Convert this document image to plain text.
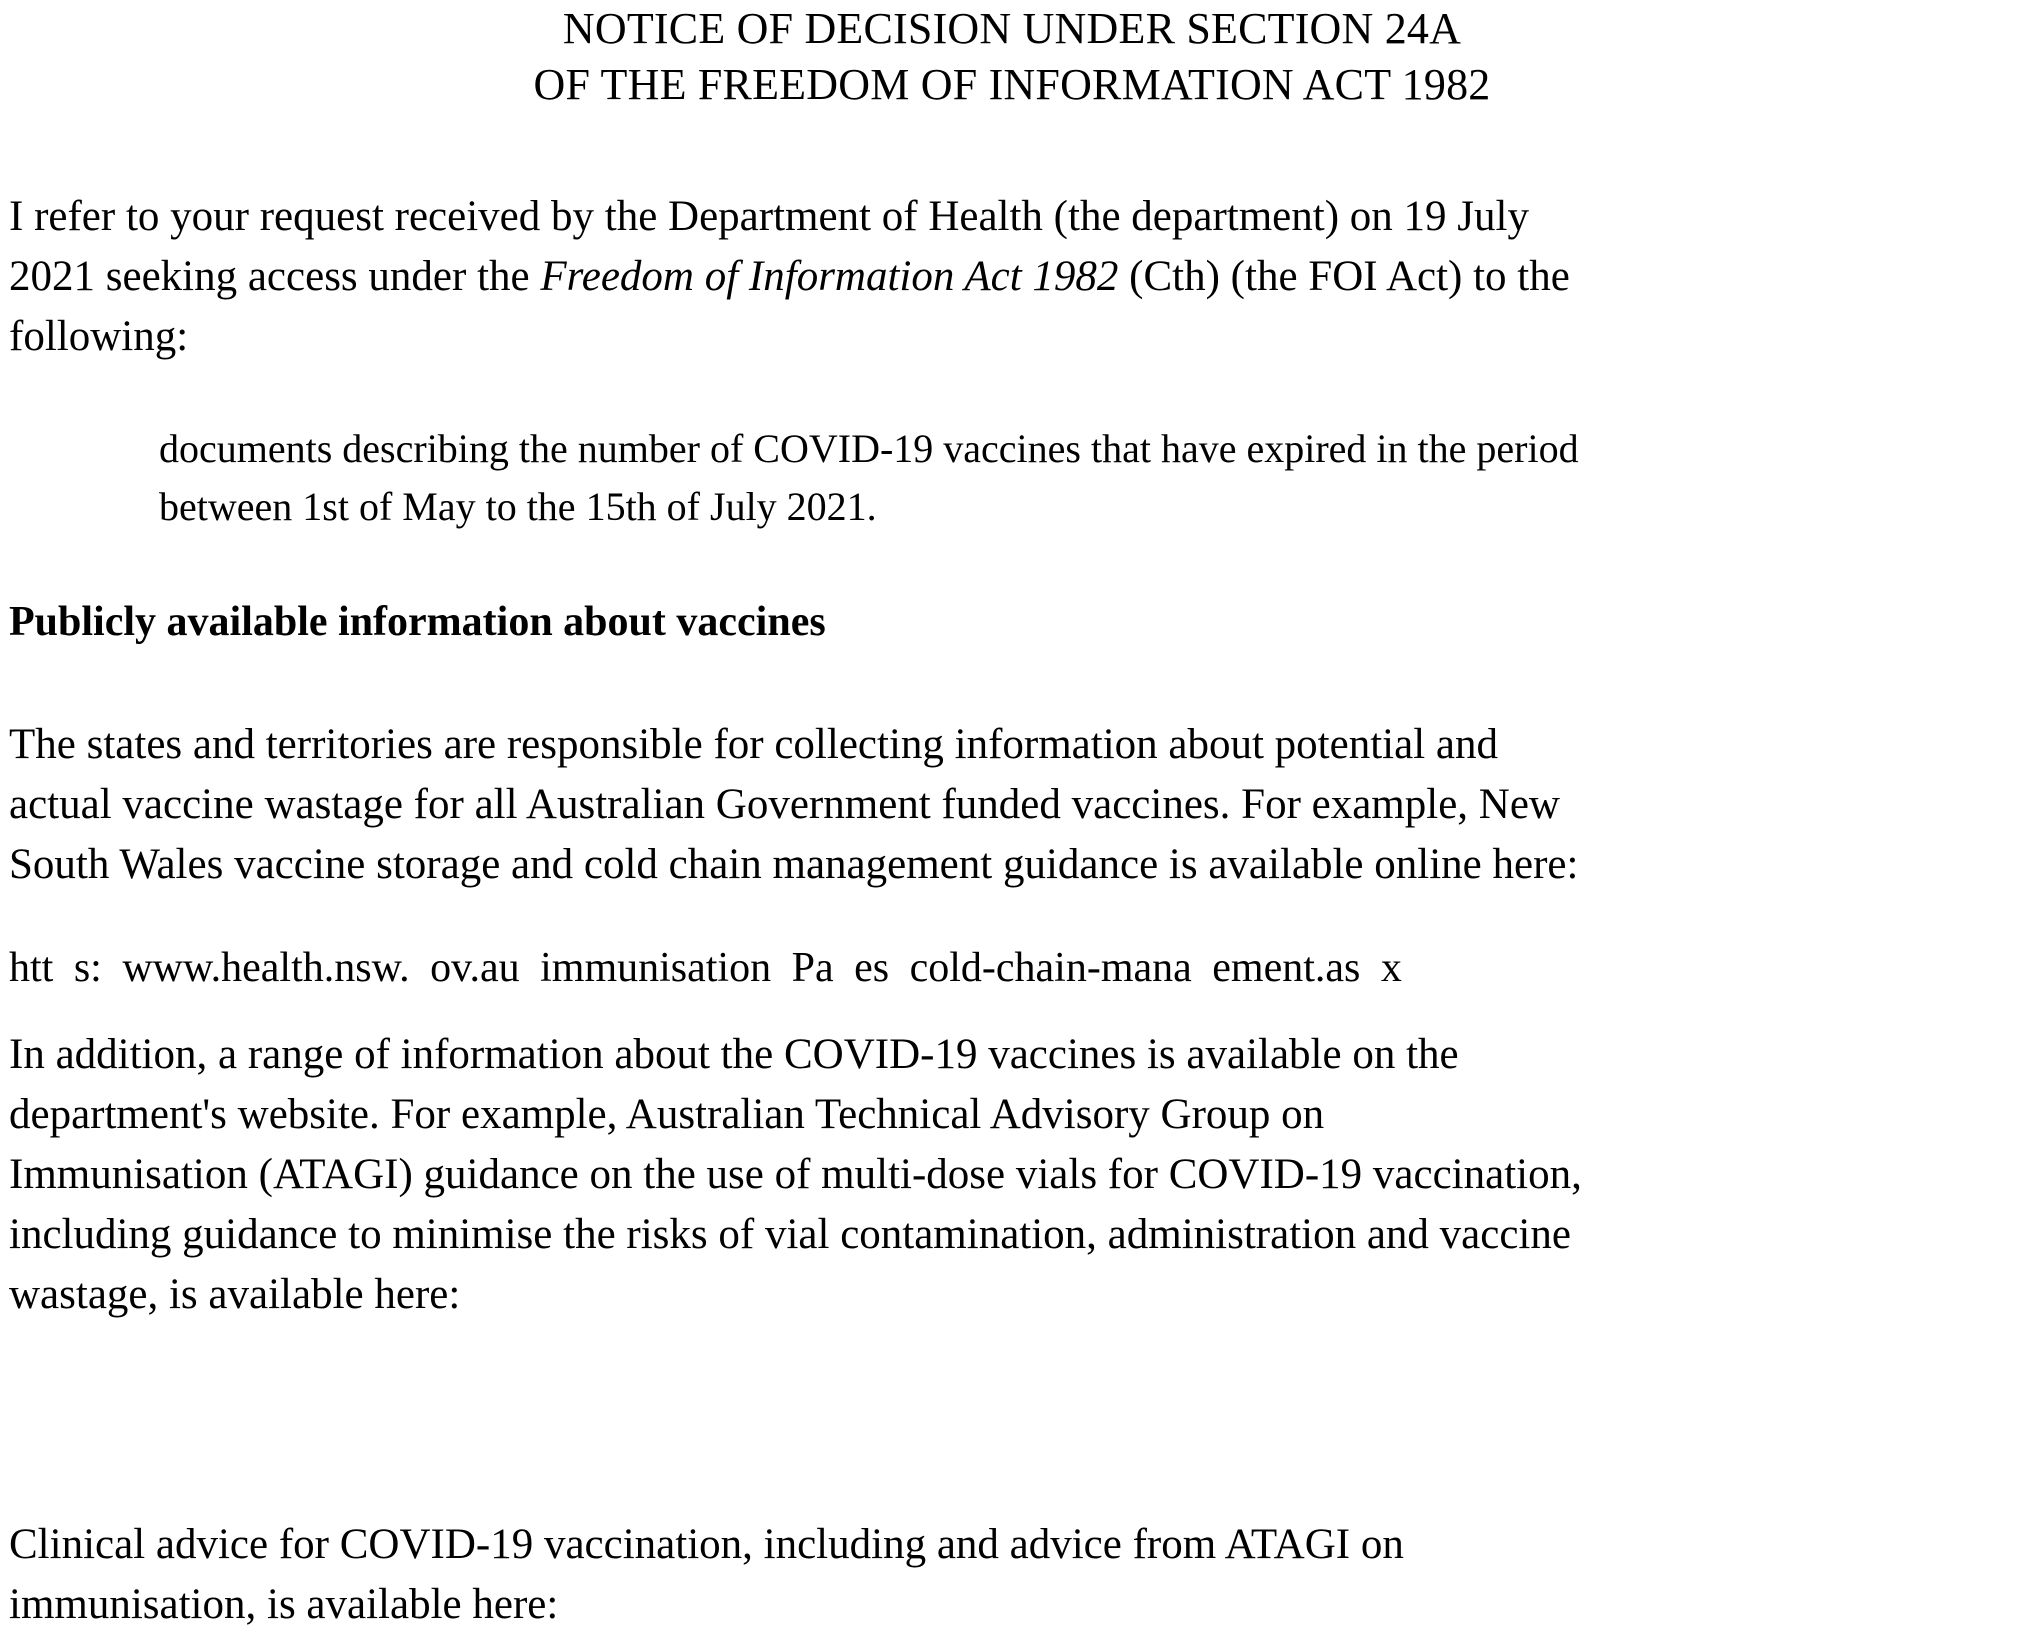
NOTICE OF DECISION UNDER SECTION 24A
OF THE FREEDOM OF INFORMATION ACT 1982
I refer to your request received by the Department of Health (the department) on 19 July
2021 seeking access under the Freedom of Information Act 1982 (Cth) (the FOI Act) to the
following:
documents describing the number of COVID-19 vaccines that have expired in the period
between 1st of May to the 15th of July 2021.
Publicly available information about vaccines
The states and territories are responsible for collecting information about potential and
actual vaccine wastage for all Australian Government funded vaccines. For example, New
South Wales vaccine storage and cold chain management guidance is available online here:
htt s: www.health.nsw. ov.au immunisation Pa es cold-chain-mana ement.as x
In addition, a range of information about the COVID-19 vaccines is available on the
department's website. For example, Australian Technical Advisory Group on
Immunisation (ATAGI) guidance on the use of multi-dose vials for COVID-19 vaccination,
including guidance to minimise the risks of vial contamination, administration and vaccine
wastage, is available here:
Clinical advice for COVID-19 vaccination, including and advice from ATAGI on
immunisation, is available here:
